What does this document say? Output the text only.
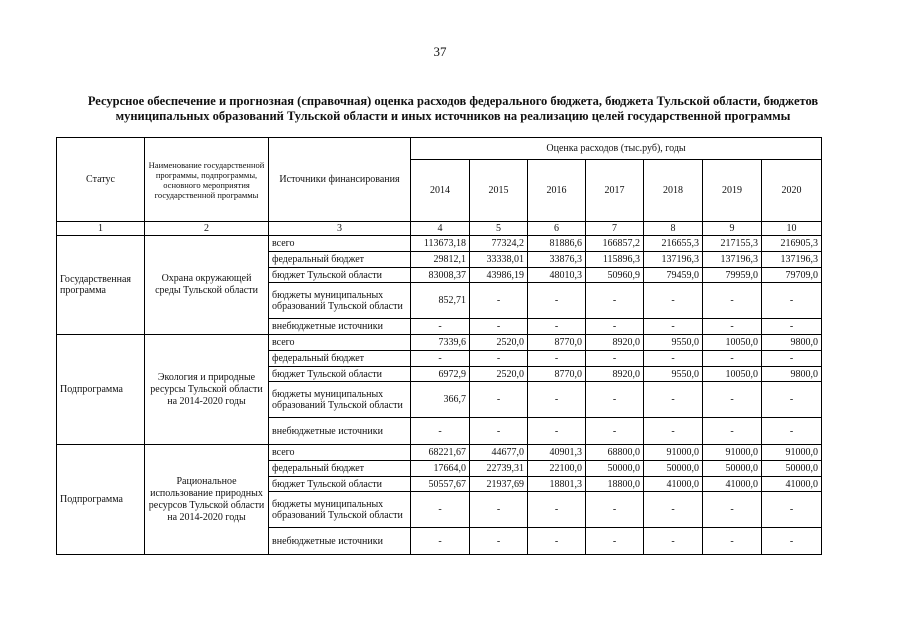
37
Ресурсное обеспечение и прогнозная (справочная) оценка расходов федерального бюджета, бюджета Тульской области, бюджетов муниципальных образований Тульской области и иных источников на реализацию целей государственной программы
Статус	Наименование государственной программы, подпрограммы, основного мероприятия государственной программы	Источники финансирования	Оценка расходов (тыс.руб), годы						
			2014	2015	2016	2017	2018	2019	2020
1	2	3	4	5	6	7	8	9	10
Государственная программа	Охрана окружающей среды Тульской области	всего	113673,18	77324,2	81886,6	166857,2	216655,3	217155,3	216905,3
		федеральный бюджет	29812,1	33338,01	33876,3	115896,3	137196,3	137196,3	137196,3
		бюджет Тульской области	83008,37	43986,19	48010,3	50960,9	79459,0	79959,0	79709,0
		бюджеты муниципальных образований Тульской области	852,71	-	-	-	-	-	-
		внебюджетные источники	-	-	-	-	-	-	-
Подпрограмма	Экология и природные ресурсы Тульской области на 2014-2020 годы	всего	7339,6	2520,0	8770,0	8920,0	9550,0	10050,0	9800,0
		федеральный бюджет	-	-	-	-	-	-	-
		бюджет Тульской области	6972,9	2520,0	8770,0	8920,0	9550,0	10050,0	9800,0
		бюджеты муниципальных образований Тульской области	366,7	-	-	-	-	-	-
		внебюджетные источники	-	-	-	-	-	-	-
Подпрограмма	Рациональное использование природных ресурсов Тульской области на 2014-2020 годы	всего	68221,67	44677,0	40901,3	68800,0	91000,0	91000,0	91000,0
		федеральный бюджет	17664,0	22739,31	22100,0	50000,0	50000,0	50000,0	50000,0
		бюджет Тульской области	50557,67	21937,69	18801,3	18800,0	41000,0	41000,0	41000,0
		бюджеты муниципальных образований Тульской области	-	-	-	-	-	-	-
		внебюджетные источники	-	-	-	-	-	-	-
